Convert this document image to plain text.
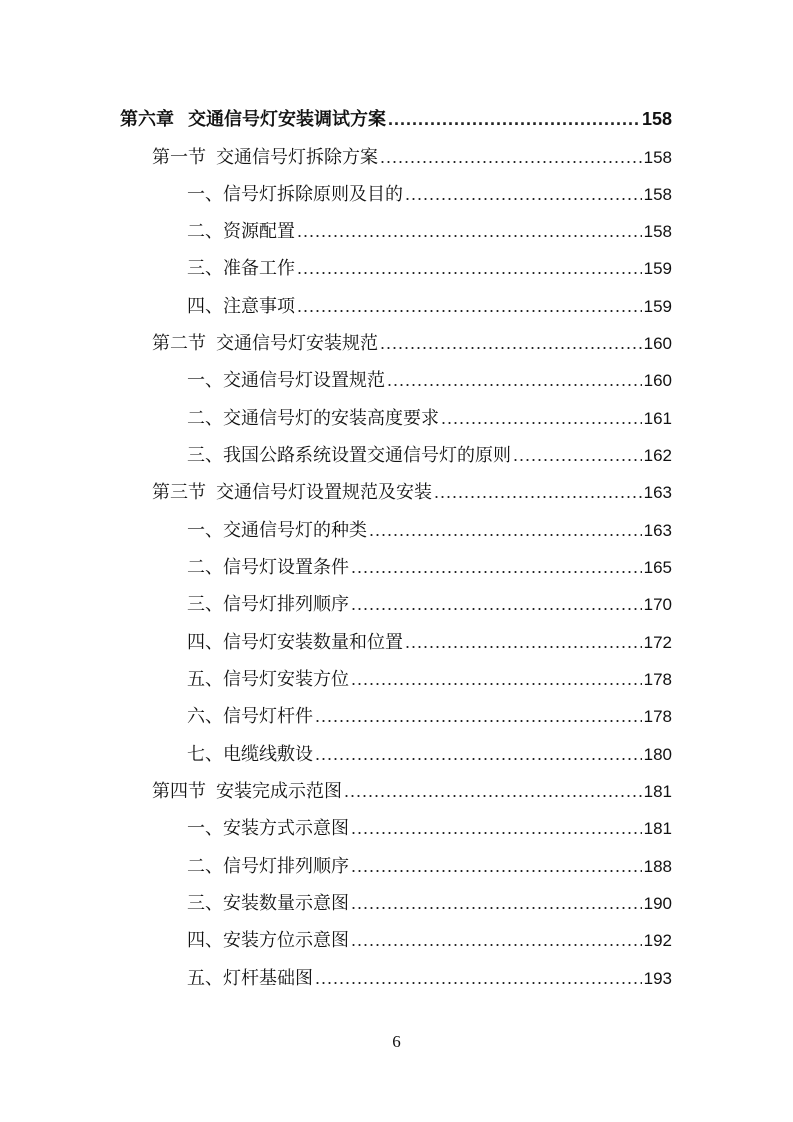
第六章 交通信号灯安装调试方案 .....	158
第一节 交通信号灯拆除方案 .....	158
一、 信号灯拆除原则及目的 .....	158
二、 资源配置 .....	158
三、 准备工作 .....	159
四、 注意事项 .....	159
第二节 交通信号灯安装规范 .....	160
一、 交通信号灯设置规范 .....	160
二、 交通信号灯的安装高度要求 .....	161
三、 我国公路系统设置交通信号灯的原则 .....	162
第三节 交通信号灯设置规范及安装 .....	163
一、 交通信号灯的种类 .....	163
二、 信号灯设置条件 .....	165
三、 信号灯排列顺序 .....	170
四、 信号灯安装数量和位置 .....	172
五、 信号灯安装方位 .....	178
六、 信号灯杆件 .....	178
七、 电缆线敷设 .....	180
第四节 安装完成示范图 .....	181
一、 安装方式示意图 .....	181
二、 信号灯排列顺序 .....	188
三、 安装数量示意图 .....	190
四、 安装方位示意图 .....	192
五、 灯杆基础图 .....	193
6
